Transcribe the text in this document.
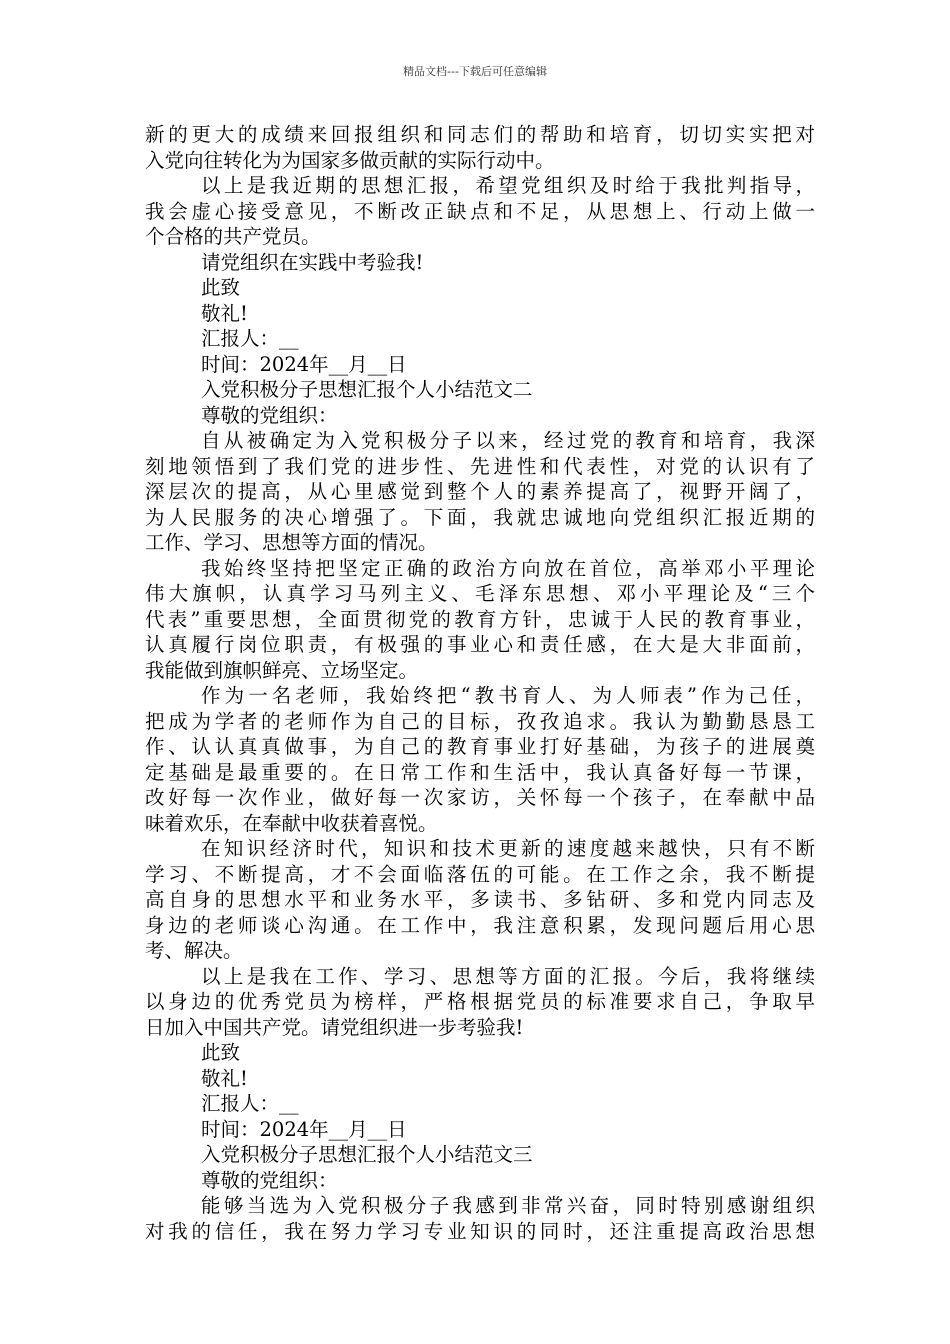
精品文档---下载后可任意编辑
新的更大的成绩来回报组织和同志们的帮助和培育，切切实实把对
入党向往转化为为国家多做贡献的实际行动中。
以上是我近期的思想汇报，希望党组织及时给于我批判指导，
我会虚心接受意见，不断改正缺点和不足，从思想上、行动上做一
个合格的共产党员。
请党组织在实践中考验我!
此致
敬礼!
汇报人：__
时间：2024年__月__日
入党积极分子思想汇报个人小结范文二
尊敬的党组织：
自从被确定为入党积极分子以来，经过党的教育和培育，我深
刻地领悟到了我们党的进步性、先进性和代表性，对党的认识有了
深层次的提高，从心里感觉到整个人的素养提高了，视野开阔了，
为人民服务的决心增强了。下面，我就忠诚地向党组织汇报近期的
工作、学习、思想等方面的情况。
我始终坚持把坚定正确的政治方向放在首位，高举邓小平理论
伟大旗帜，认真学习马列主义、毛泽东思想、邓小平理论及“三个
代表”重要思想，全面贯彻党的教育方针，忠诚于人民的教育事业，
认真履行岗位职责，有极强的事业心和责任感，在大是大非面前，
我能做到旗帜鲜亮、立场坚定。
作为一名老师，我始终把“教书育人、为人师表”作为己任，
把成为学者的老师作为自己的目标，孜孜追求。我认为勤勤恳恳工
作、认认真真做事，为自己的教育事业打好基础，为孩子的进展奠
定基础是最重要的。在日常工作和生活中，我认真备好每一节课，
改好每一次作业，做好每一次家访，关怀每一个孩子，在奉献中品
味着欢乐，在奉献中收获着喜悦。
在知识经济时代，知识和技术更新的速度越来越快，只有不断
学习、不断提高，才不会面临落伍的可能。在工作之余，我不断提
高自身的思想水平和业务水平，多读书、多钻研、多和党内同志及
身边的老师谈心沟通。在工作中，我注意积累，发现问题后用心思
考、解决。
以上是我在工作、学习、思想等方面的汇报。今后，我将继续
以身边的优秀党员为榜样，严格根据党员的标准要求自己，争取早
日加入中国共产党。请党组织进一步考验我!
此致
敬礼!
汇报人：__
时间：2024年__月__日
入党积极分子思想汇报个人小结范文三
尊敬的党组织：
能够当选为入党积极分子我感到非常兴奋，同时特别感谢组织
对我的信任，我在努力学习专业知识的同时，还注重提高政治思想
